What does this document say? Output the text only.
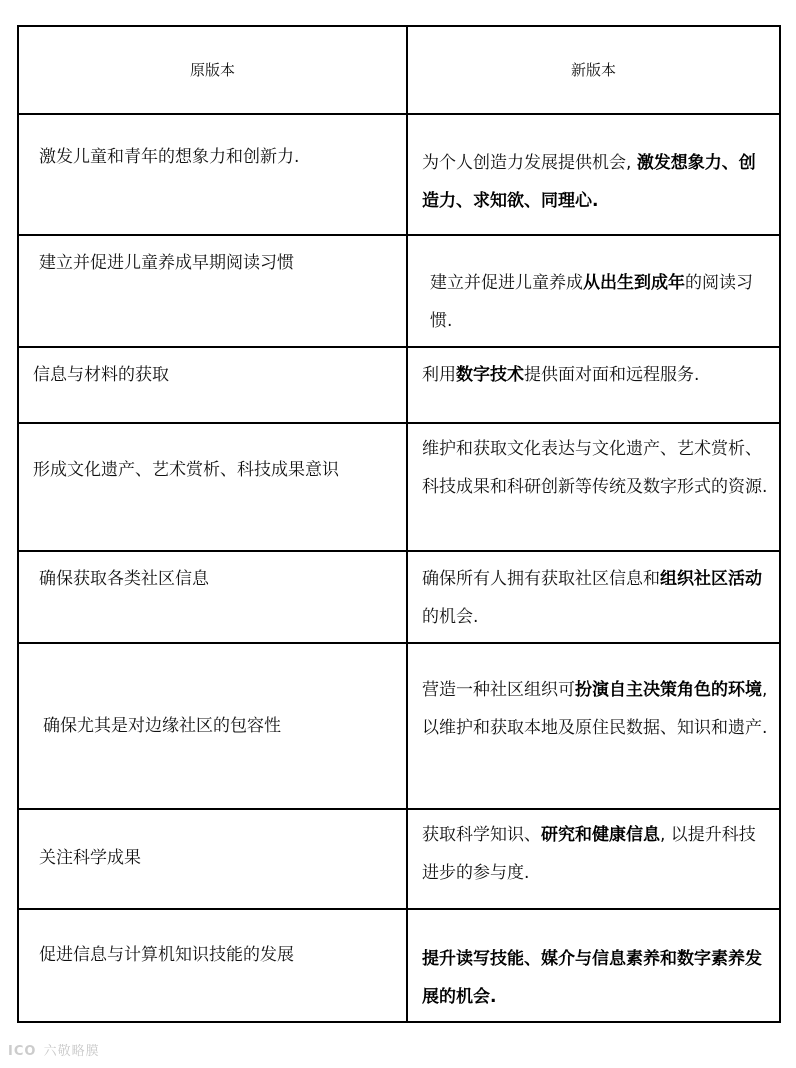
原版本	新版本

激发儿童和青年的想象力和创新力.	为个人创造力发展提供机会, 激发想象力、创造力、求知欲、同理心.

建立并促进儿童养成早期阅读习惯	建立并促进儿童养成从出生到成年的阅读习惯.

信息与材料的获取	利用数字技术提供面对面和远程服务.

形成文化遗产、艺术赏析、科技成果意识	维护和获取文化表达与文化遗产、艺术赏析、科技成果和科研创新等传统及数字形式的资源.

确保获取各类社区信息	确保所有人拥有获取社区信息和组织社区活动的机会.

确保尤其是对边缘社区的包容性	营造一种社区组织可扮演自主决策角色的环境, 以维护和获取本地及原住民数据、知识和遗产.

关注科学成果	获取科学知识、研究和健康信息, 以提升科技进步的参与度.

促进信息与计算机知识技能的发展	提升读写技能、媒介与信息素养和数字素养发展的机会.
ICO 六敬略膜
